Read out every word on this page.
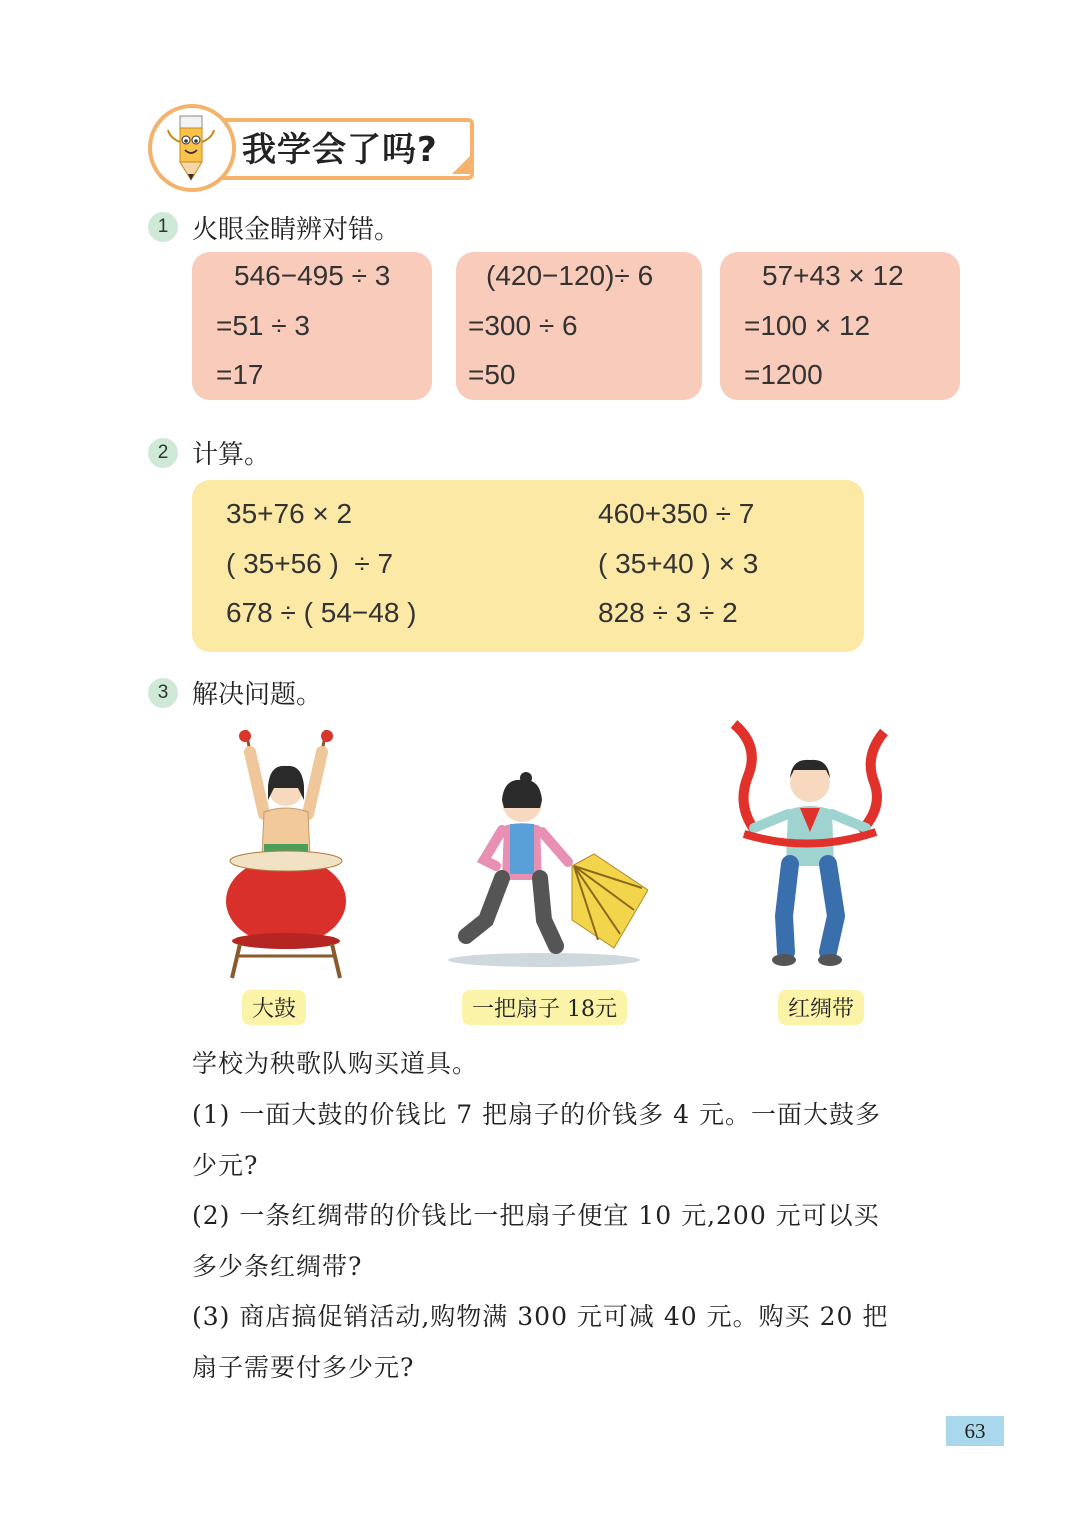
我学会了吗?
1 火眼金睛辨对错。
546−495 ÷ 3
=51 ÷ 3
=17
(420−120)÷ 6
=300 ÷ 6
=50
57+43 × 12
=100 × 12
=1200
2 计算。
35+76 × 2
( 35+56 )  ÷ 7
678 ÷ ( 54−48 )
460+350 ÷ 7
( 35+40 ) × 3
828 ÷ 3 ÷ 2
3 解决问题。
大鼓	一把扇子 18元	红绸带
学校为秧歌队购买道具。
(1) 一面大鼓的价钱比 7 把扇子的价钱多 4 元。一面大鼓多
少元?
(2) 一条红绸带的价钱比一把扇子便宜 10 元,200 元可以买
多少条红绸带?
(3) 商店搞促销活动,购物满 300 元可减 40 元。购买 20 把
扇子需要付多少元?
63
